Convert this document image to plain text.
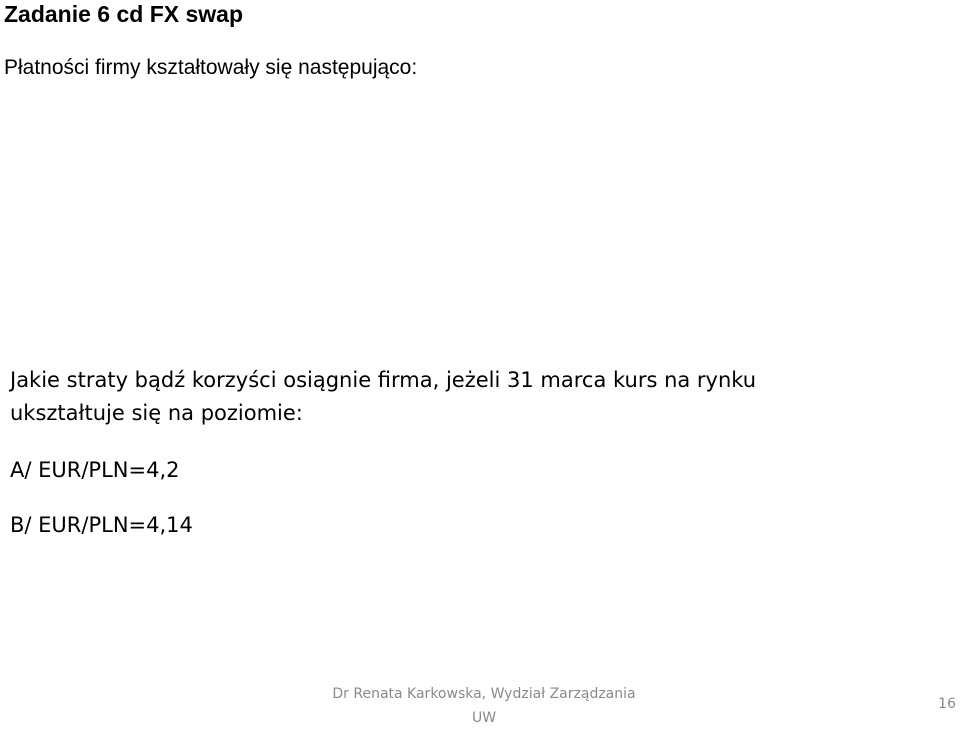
Zadanie 6 cd FX swap
Płatności firmy kształtowały się następująco:
Jakie straty bądź korzyści osiągnie firma, jeżeli 31 marca kurs na rynku
ukształtuje się na poziomie:
A/ EUR/PLN=4,2
B/ EUR/PLN=4,14
Dr Renata Karkowska, Wydział Zarządzania
UW
16
